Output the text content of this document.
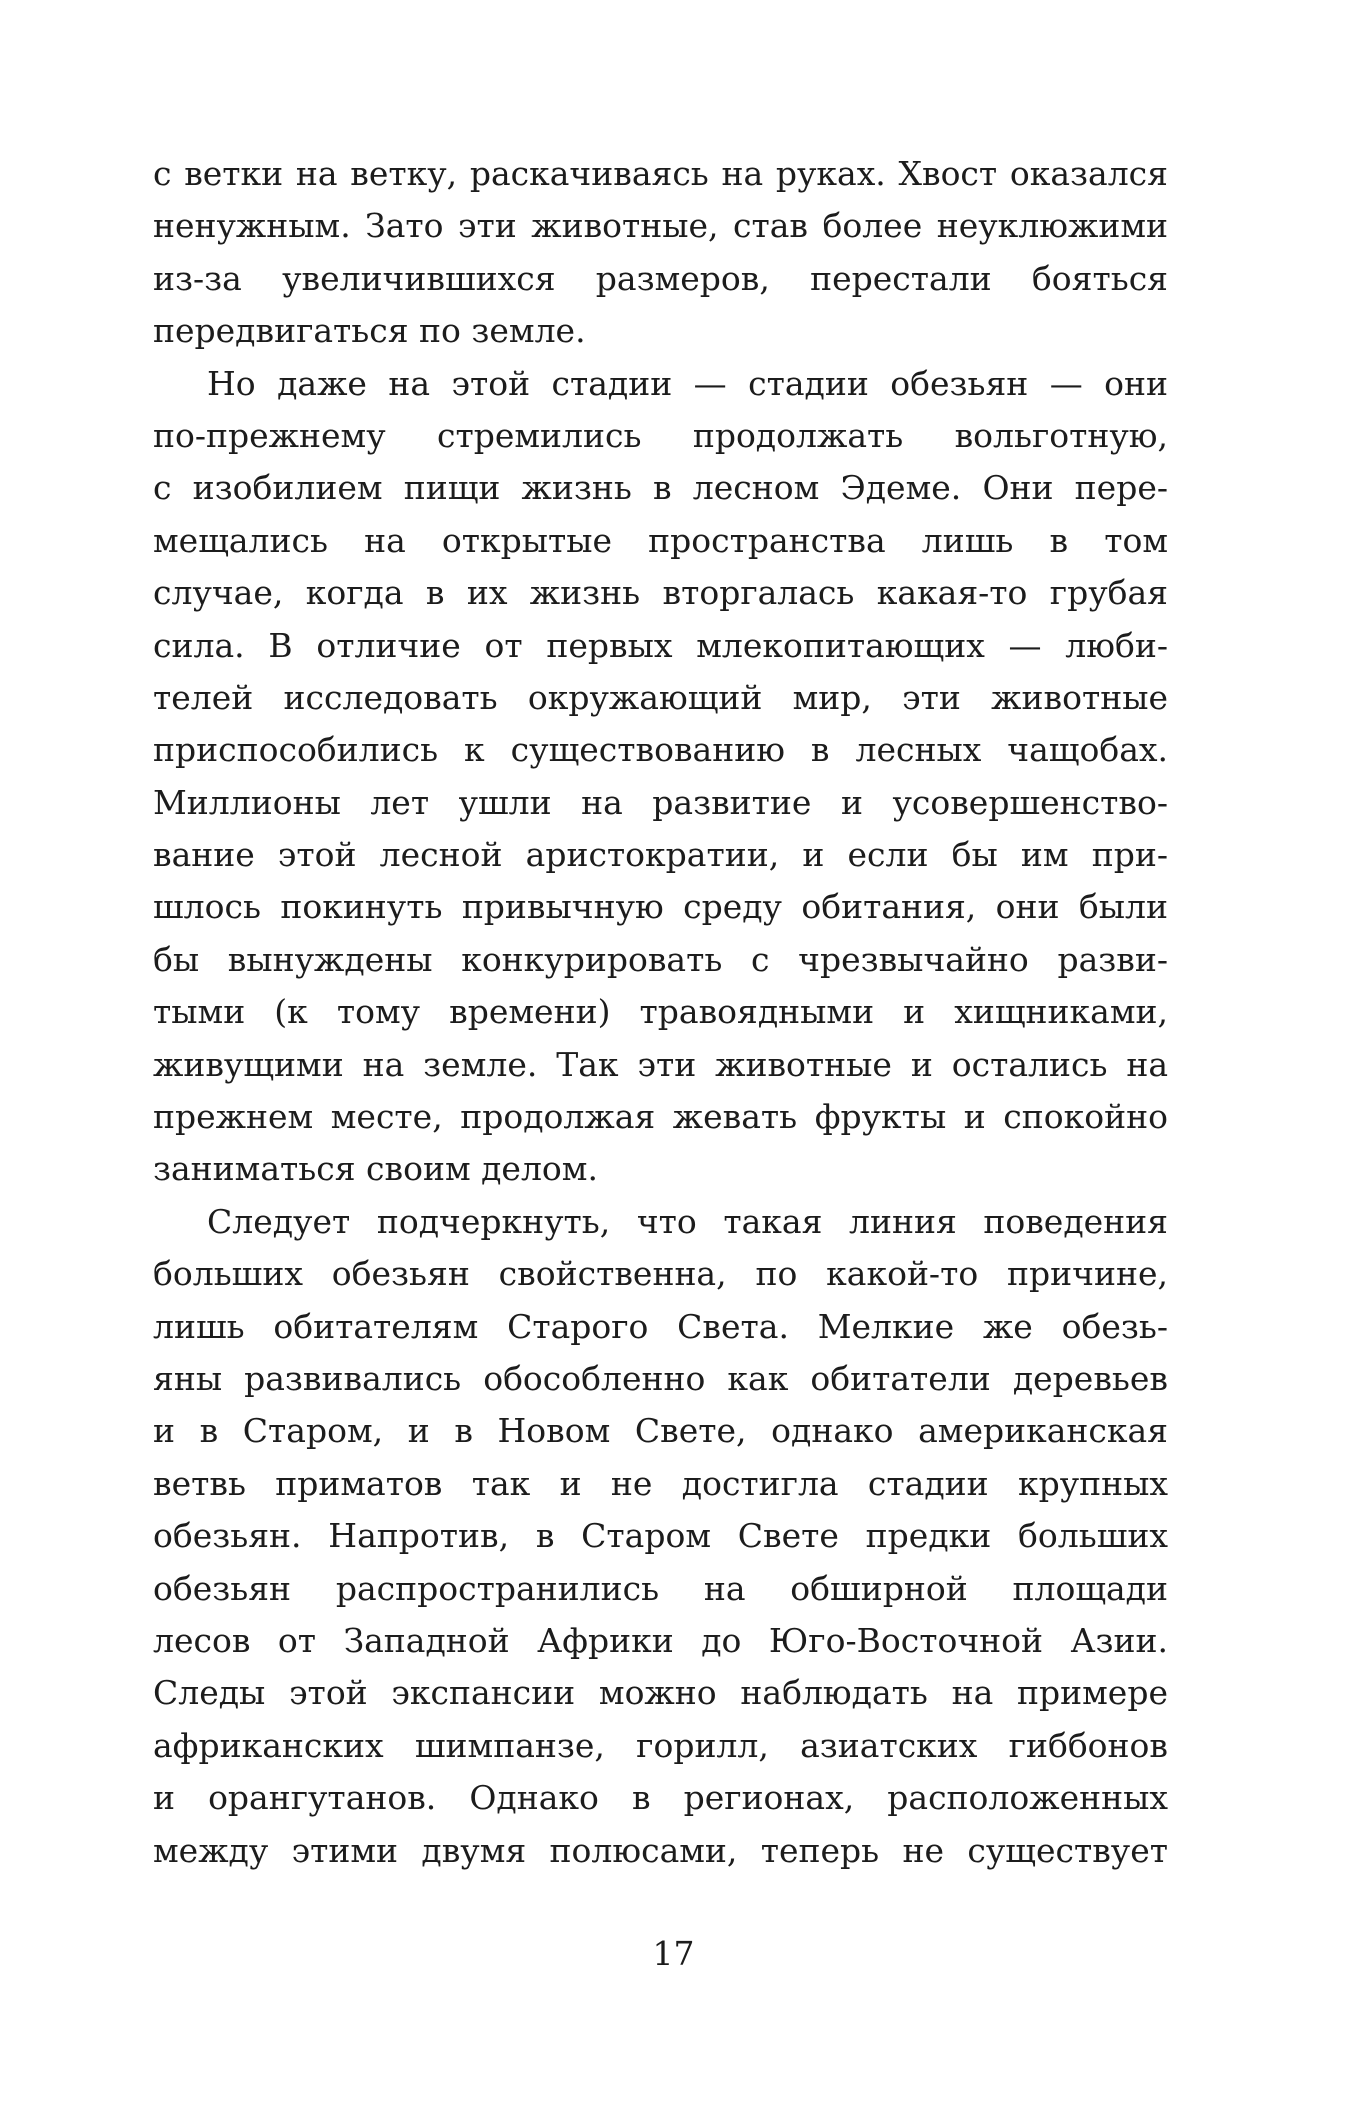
с ветки на ветку, раскачиваясь на руках. Хвост оказался
ненужным. Зато эти животные, став более неуклюжими
из-за увеличившихся размеров, перестали бояться
передвигаться по земле.
Но даже на этой стадии — стадии обезьян — они
по-прежнему стремились продолжать вольготную,
с изобилием пищи жизнь в лесном Эдеме. Они пере-
мещались на открытые пространства лишь в том
случае, когда в их жизнь вторгалась какая-то грубая
сила. В отличие от первых млекопитающих — люби-
телей исследовать окружающий мир, эти животные
приспособились к существованию в лесных чащобах.
Миллионы лет ушли на развитие и усовершенство-
вание этой лесной аристократии, и если бы им при-
шлось покинуть привычную среду обитания, они были
бы вынуждены конкурировать с чрезвычайно разви-
тыми (к тому времени) травоядными и хищниками,
живущими на земле. Так эти животные и остались на
прежнем месте, продолжая жевать фрукты и спокойно
заниматься своим делом.
Следует подчеркнуть, что такая линия поведения
больших обезьян свойственна, по какой-то причине,
лишь обитателям Старого Света. Мелкие же обезь-
яны развивались обособленно как обитатели деревьев
и в Старом, и в Новом Свете, однако американская
ветвь приматов так и не достигла стадии крупных
обезьян. Напротив, в Старом Свете предки больших
обезьян распространились на обширной площади
лесов от Западной Африки до Юго-Восточной Азии.
Следы этой экспансии можно наблюдать на примере
африканских шимпанзе, горилл, азиатских гиббонов
и орангутанов. Однако в регионах, расположенных
между этими двумя полюсами, теперь не существует
17
